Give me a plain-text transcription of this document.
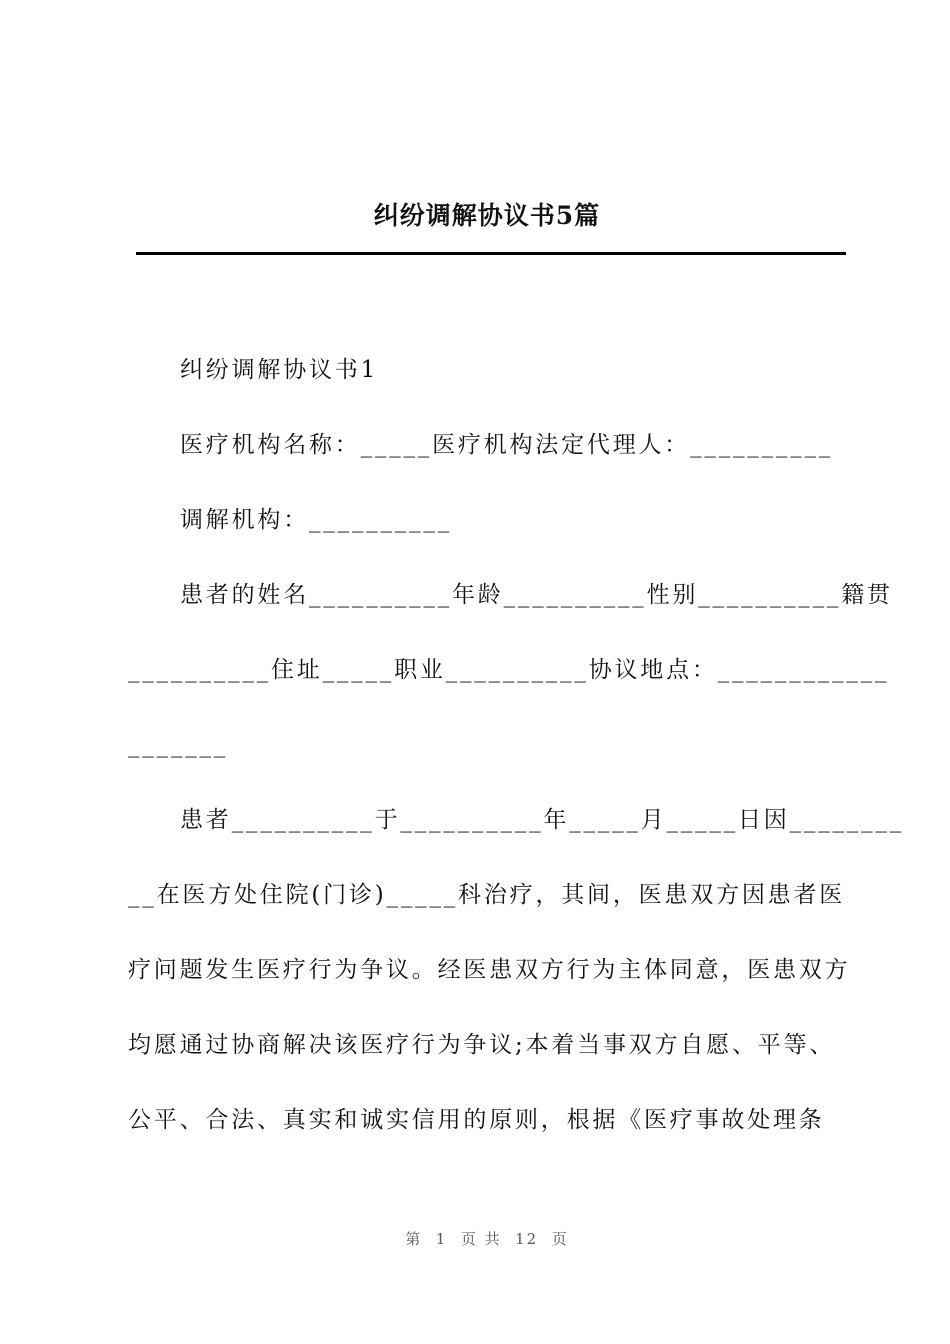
纠纷调解协议书5篇
纠纷调解协议书1
医疗机构名称：_____医疗机构法定代理人：__________
调解机构：__________
患者的姓名__________年龄__________性别__________籍贯
__________住址_____职业__________协议地点：____________
_______
患者__________于__________年_____月_____日因________
__在医方处住院(门诊)_____科治疗，其间，医患双方因患者医
疗问题发生医疗行为争议。经医患双方行为主体同意，医患双方
均愿通过协商解决该医疗行为争议;本着当事双方自愿、平等、
公平、合法、真实和诚实信用的原则，根据《医疗事故处理条
第  1  页 共  12  页
